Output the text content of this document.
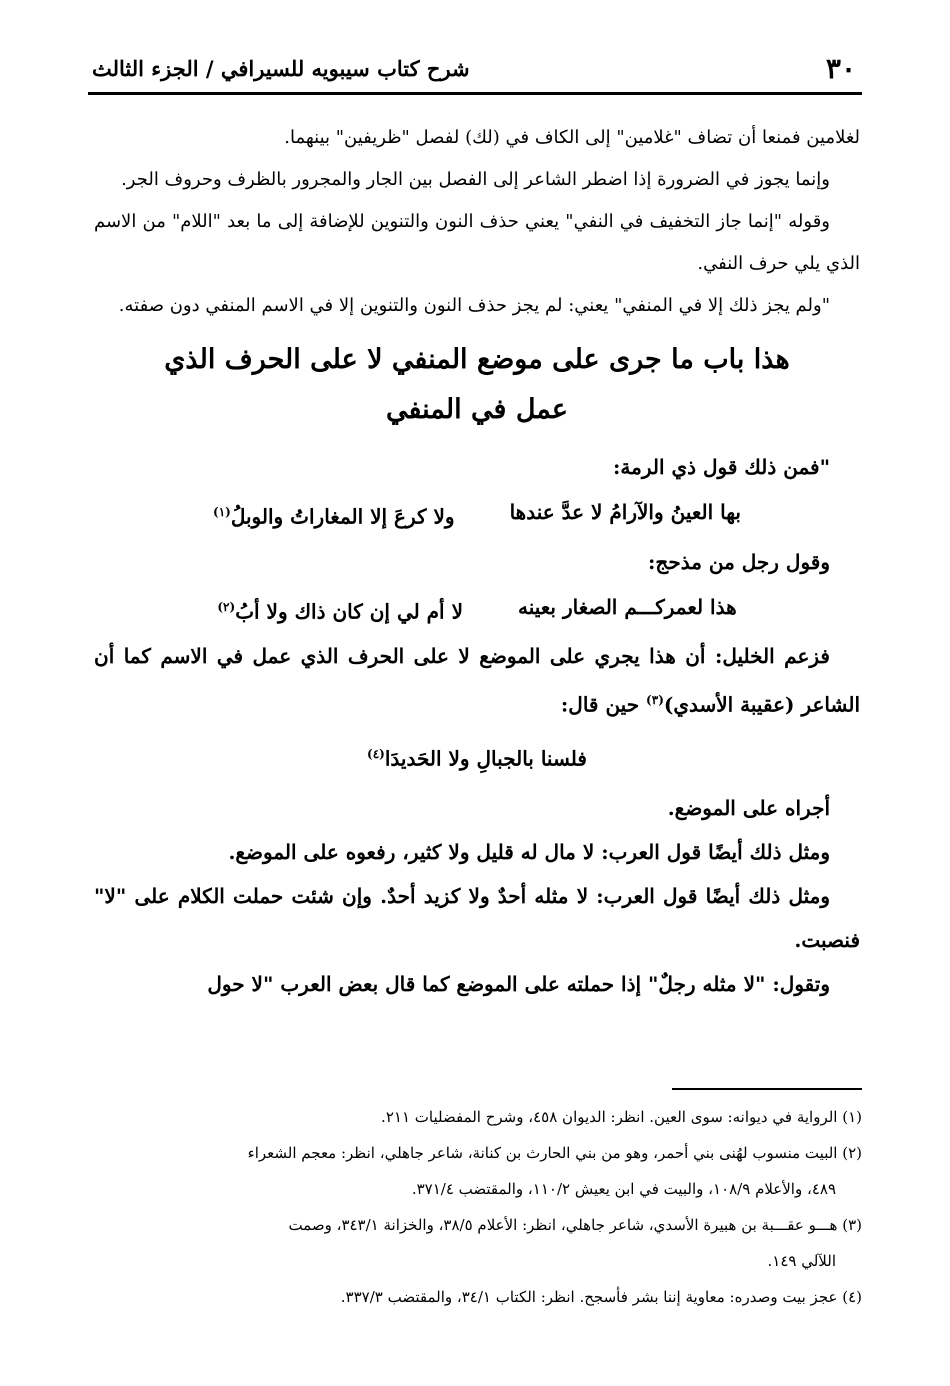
٣٠
شرح كتاب سيبويه للسيرافي / الجزء الثالث

لغلامين فمنعا أن تضاف "غلامين" إلى الكاف في (لك) لفصل "ظريفين" بينهما.

وإنما يجوز في الضرورة إذا اضطر الشاعر إلى الفصل بين الجار والمجرور بالظرف وحروف الجر.

وقوله "إنما جاز التخفيف في النفي" يعني حذف النون والتنوين للإضافة إلى ما بعد "اللام" من الاسم الذي يلي حرف النفي.

"ولم يجز ذلك إلا في المنفي" يعني: لم يجز حذف النون والتنوين إلا في الاسم المنفي دون صفته.

هذا باب ما جرى على موضع المنفي لا على الحرف الذي عمل في المنفي

"فمن ذلك قول ذي الرمة:

بها العينُ والآرامُ لا عدَّ عندها
ولا كرعَ إلا المغاراتُ والوبلُ$^{(١)}$

وقول رجل من مذحج:

هذا لعمركـــم الصغار بعينه
لا أم لي إن كان ذاك ولا أبُ$^{(٢)}$

فزعم الخليل: أن هذا يجري على الموضع لا على الحرف الذي عمل في الاسم كما أن الشاعر (عقيبة الأسدي)$^{(٣)}$ حين قال:

فلسنا بالجبالِ ولا الحَديدَا$^{(٤)}$

أجراه على الموضع.

ومثل ذلك أيضًا قول العرب: لا مال له قليل ولا كثير، رفعوه على الموضع.

ومثل ذلك أيضًا قول العرب: لا مثله أحدٌ ولا كزيد أحدٌ. وإن شئت حملت الكلام على "لا" فنصبت.

وتقول: "لا مثله رجلٌ" إذا حملته على الموضع كما قال بعض العرب "لا حول

(١) الرواية في ديوانه: سوى العين. انظر: الديوان ٤٥٨، وشرح المفضليات ٢١١.

(٢) البيت منسوب لهُنى بني أحمر، وهو من بني الحارث بن كنانة، شاعر جاهلي، انظر: معجم الشعراء

٤٨٩، والأعلام ١٠٨/٩، والبيت في ابن يعيش ١١٠/٢، والمقتضب ٣٧١/٤.

(٣) هـــو عقـــبة بن هبيرة الأسدي، شاعر جاهلي، انظر: الأعلام ٣٨/٥، والخزانة ٣٤٣/١، وصمت

اللآلي ١٤٩.

(٤) عجز بيت وصدره: معاوية إننا بشر فأسجح. انظر: الكتاب ٣٤/١، والمقتضب ٣٣٧/٣.
